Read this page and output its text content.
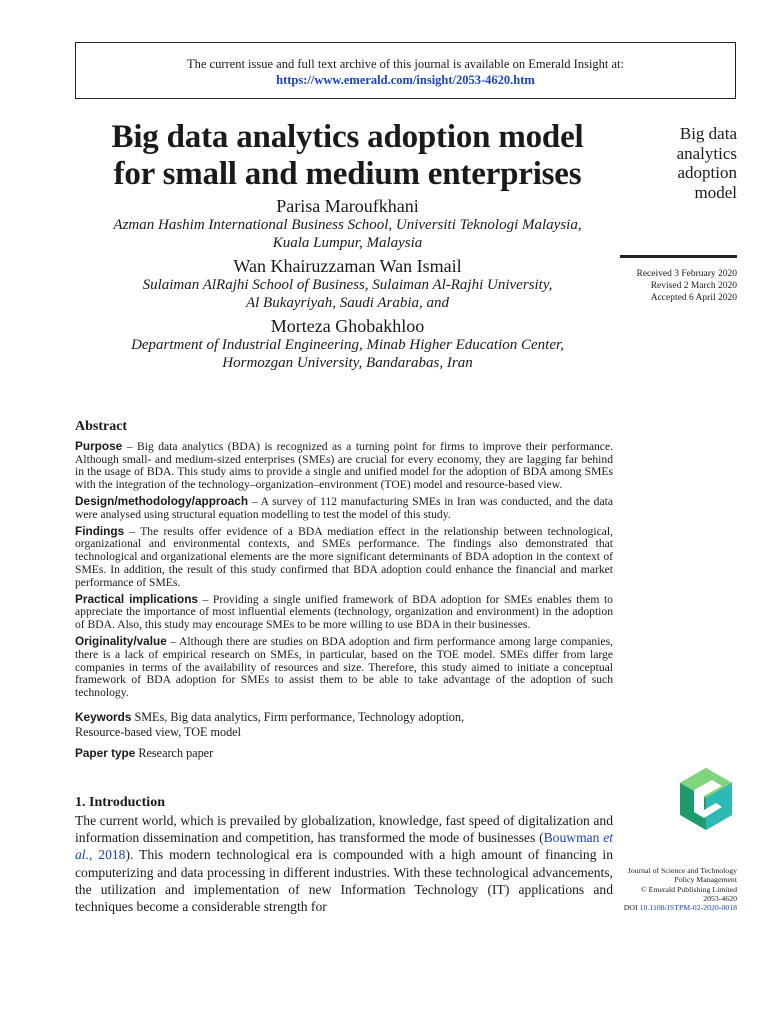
The current issue and full text archive of this journal is available on Emerald Insight at:
https://www.emerald.com/insight/2053-4620.htm
Big data analytics adoption model
for small and medium enterprises
Parisa Maroufkhani
Azman Hashim International Business School, Universiti Teknologi Malaysia,
Kuala Lumpur, Malaysia
Wan Khairuzzaman Wan Ismail
Sulaiman AlRajhi School of Business, Sulaiman Al-Rajhi University,
Al Bukayriyah, Saudi Arabia, and
Morteza Ghobakhloo
Department of Industrial Engineering, Minab Higher Education Center,
Hormozgan University, Bandarabas, Iran
Big data
analytics
adoption
model
Received 3 February 2020
Revised 2 March 2020
Accepted 6 April 2020
Abstract

Purpose – Big data analytics (BDA) is recognized as a turning point for firms to improve their performance. Although small- and medium-sized enterprises (SMEs) are crucial for every economy, they are lagging far behind in the usage of BDA. This study aims to provide a single and unified model for the adoption of BDA among SMEs with the integration of the technology–organization–environment (TOE) model and resource-based view.

Design/methodology/approach – A survey of 112 manufacturing SMEs in Iran was conducted, and the data were analysed using structural equation modelling to test the model of this study.

Findings – The results offer evidence of a BDA mediation effect in the relationship between technological, organizational and environmental contexts, and SMEs performance. The findings also demonstrated that technological and organizational elements are the more significant determinants of BDA adoption in the context of SMEs. In addition, the result of this study confirmed that BDA adoption could enhance the financial and market performance of SMEs.

Practical implications – Providing a single unified framework of BDA adoption for SMEs enables them to appreciate the importance of most influential elements (technology, organization and environment) in the adoption of BDA. Also, this study may encourage SMEs to be more willing to use BDA in their businesses.

Originality/value – Although there are studies on BDA adoption and firm performance among large companies, there is a lack of empirical research on SMEs, in particular, based on the TOE model. SMEs differ from large companies in terms of the availability of resources and size. Therefore, this study aimed to initiate a conceptual framework of BDA adoption for SMEs to assist them to be able to take advantage of the adoption of such technology.

Keywords SMEs, Big data analytics, Firm performance, Technology adoption, Resource-based view, TOE model

Paper type Research paper

1. Introduction

The current world, which is prevailed by globalization, knowledge, fast speed of digitalization and information dissemination and competition, has transformed the mode of businesses (Bouwman et al., 2018). This modern technological era is compounded with a high amount of financing in computerizing and data processing in different industries. With these technological advancements, the utilization and implementation of new Information Technology (IT) applications and techniques become a considerable strength for

Journal of Science and Technology
Policy Management
© Emerald Publishing Limited
2053-4620
DOI 10.1108/JSTPM-02-2020-0018
